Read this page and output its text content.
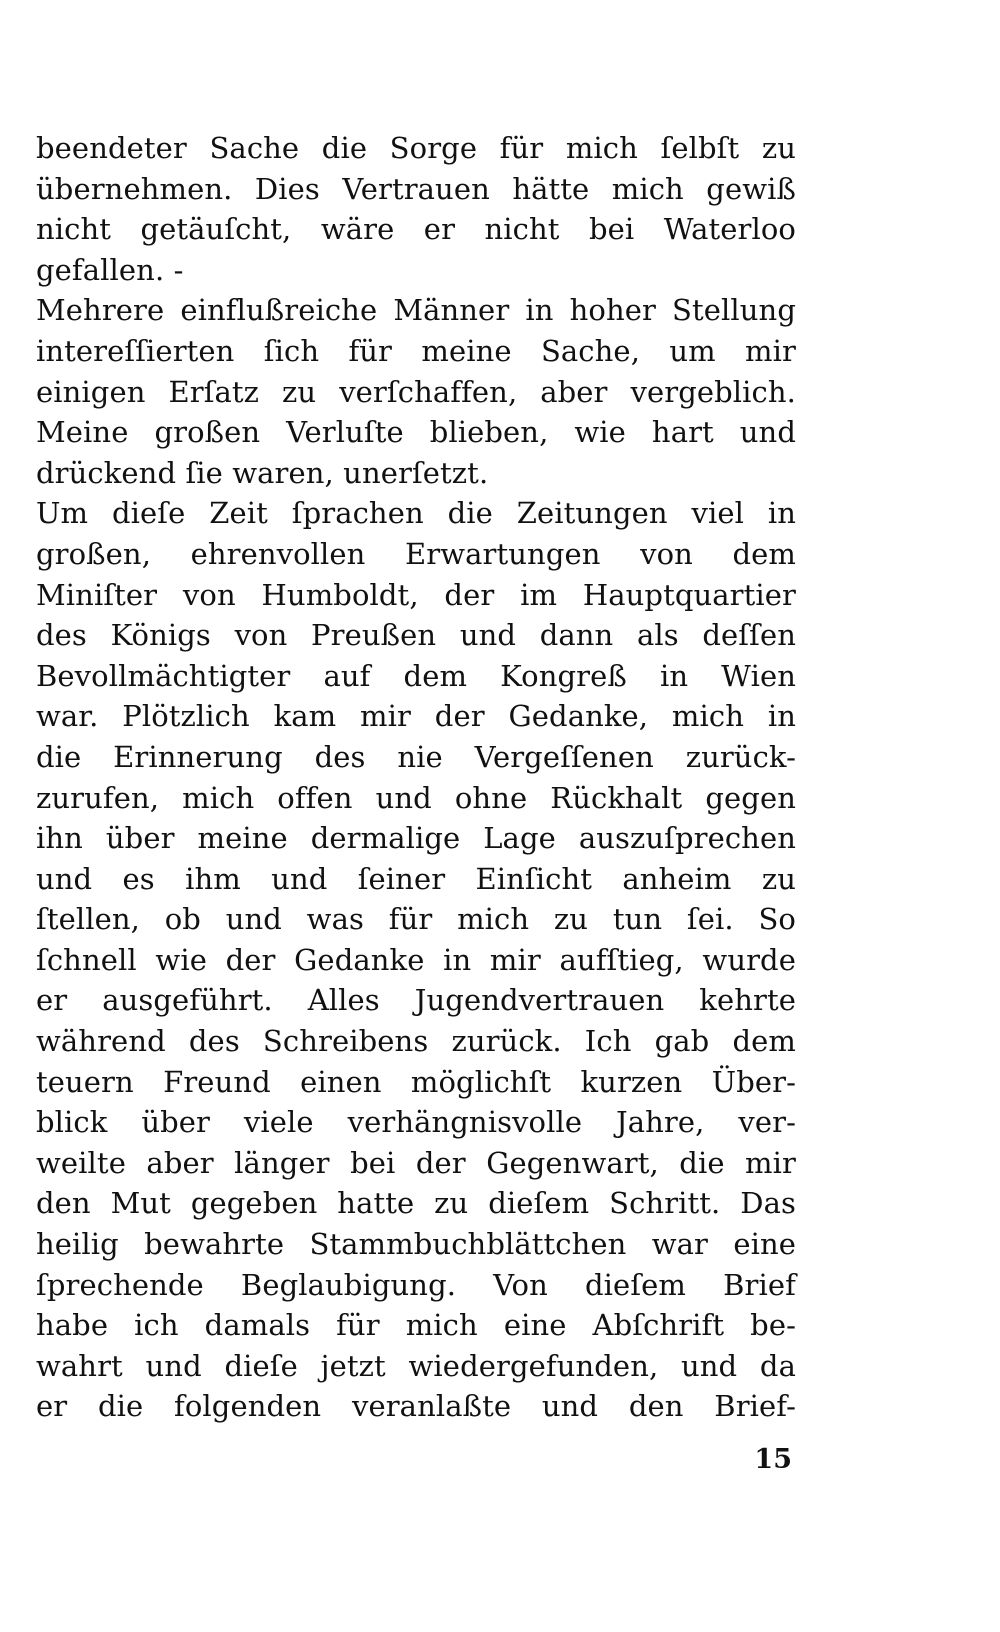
beendeter Sache die Sorge für mich ſelbſt zu
übernehmen. Dies Vertrauen hätte mich gewiß
nicht getäuſcht, wäre er nicht bei Waterloo
gefallen. -
Mehrere einflußreiche Männer in hoher Stellung
intereſſierten ſich für meine Sache, um mir
einigen Erſatz zu verſchaffen, aber vergeblich.
Meine großen Verluſte blieben, wie hart und
drückend ſie waren, unerſetzt.
Um dieſe Zeit ſprachen die Zeitungen viel in
großen, ehrenvollen Erwartungen von dem
Miniſter von Humboldt, der im Hauptquartier
des Königs von Preußen und dann als deſſen
Bevollmächtigter auf dem Kongreß in Wien
war. Plötzlich kam mir der Gedanke, mich in
die Erinnerung des nie Vergeſſenen zurück-
zurufen, mich offen und ohne Rückhalt gegen
ihn über meine dermalige Lage auszuſprechen
und es ihm und ſeiner Einſicht anheim zu
ſtellen, ob und was für mich zu tun ſei. So
ſchnell wie der Gedanke in mir aufſtieg, wurde
er ausgeführt. Alles Jugendvertrauen kehrte
während des Schreibens zurück. Ich gab dem
teuern Freund einen möglichſt kurzen Über-
blick über viele verhängnisvolle Jahre, ver-
weilte aber länger bei der Gegenwart, die mir
den Mut gegeben hatte zu dieſem Schritt. Das
heilig bewahrte Stammbuchblättchen war eine
ſprechende Beglaubigung. Von dieſem Brief
habe ich damals für mich eine Abſchrift be-
wahrt und dieſe jetzt wiedergefunden, und da
er die folgenden veranlaßte und den Brief-
15
